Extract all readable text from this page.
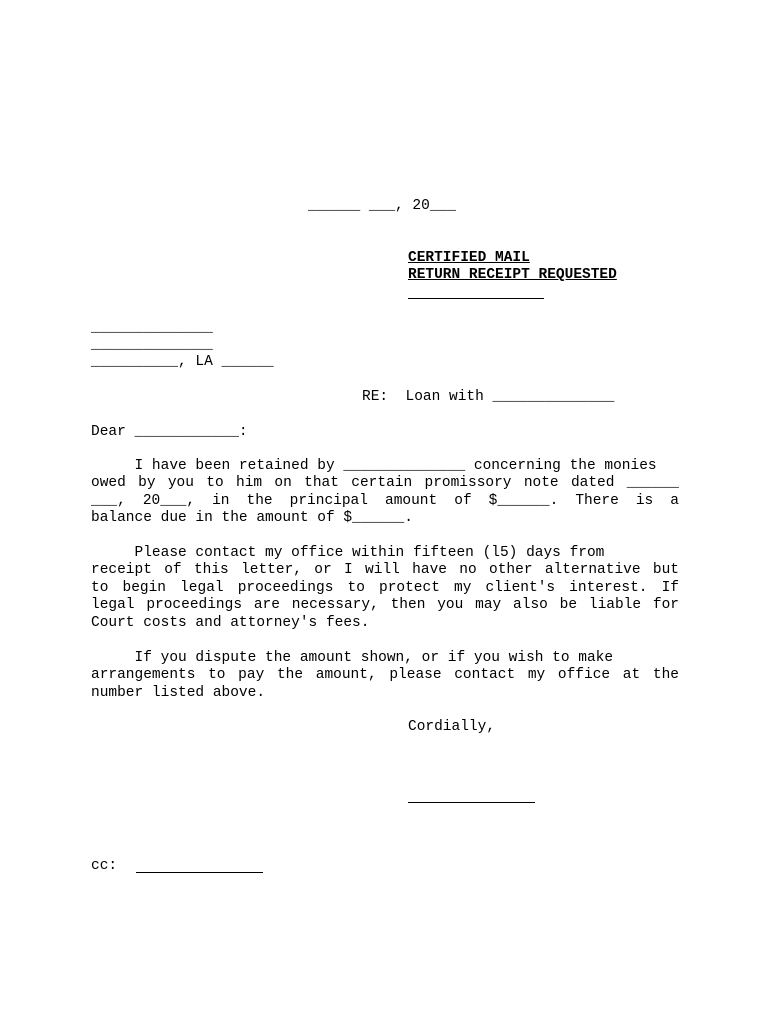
______ ___, 20___
CERTIFIED MAIL
RETURN RECEIPT REQUESTED
______________
______________
__________, LA ______
RE:  Loan with ______________
Dear ____________:
I have been retained by ______________ concerning the monies
owed by you to him on that certain promissory note dated ______
___, 20___, in the principal amount of $______. There is a
balance due in the amount of $______.
Please contact my office within fifteen (l5) days from
receipt of this letter, or I will have no other alternative but
to begin legal proceedings to protect my client's interest. If
legal proceedings are necessary, then you may also be liable for
Court costs and attorney's fees.
If you dispute the amount shown, or if you wish to make
arrangements to pay the amount, please contact my office at the
number listed above.
Cordially,
cc:
